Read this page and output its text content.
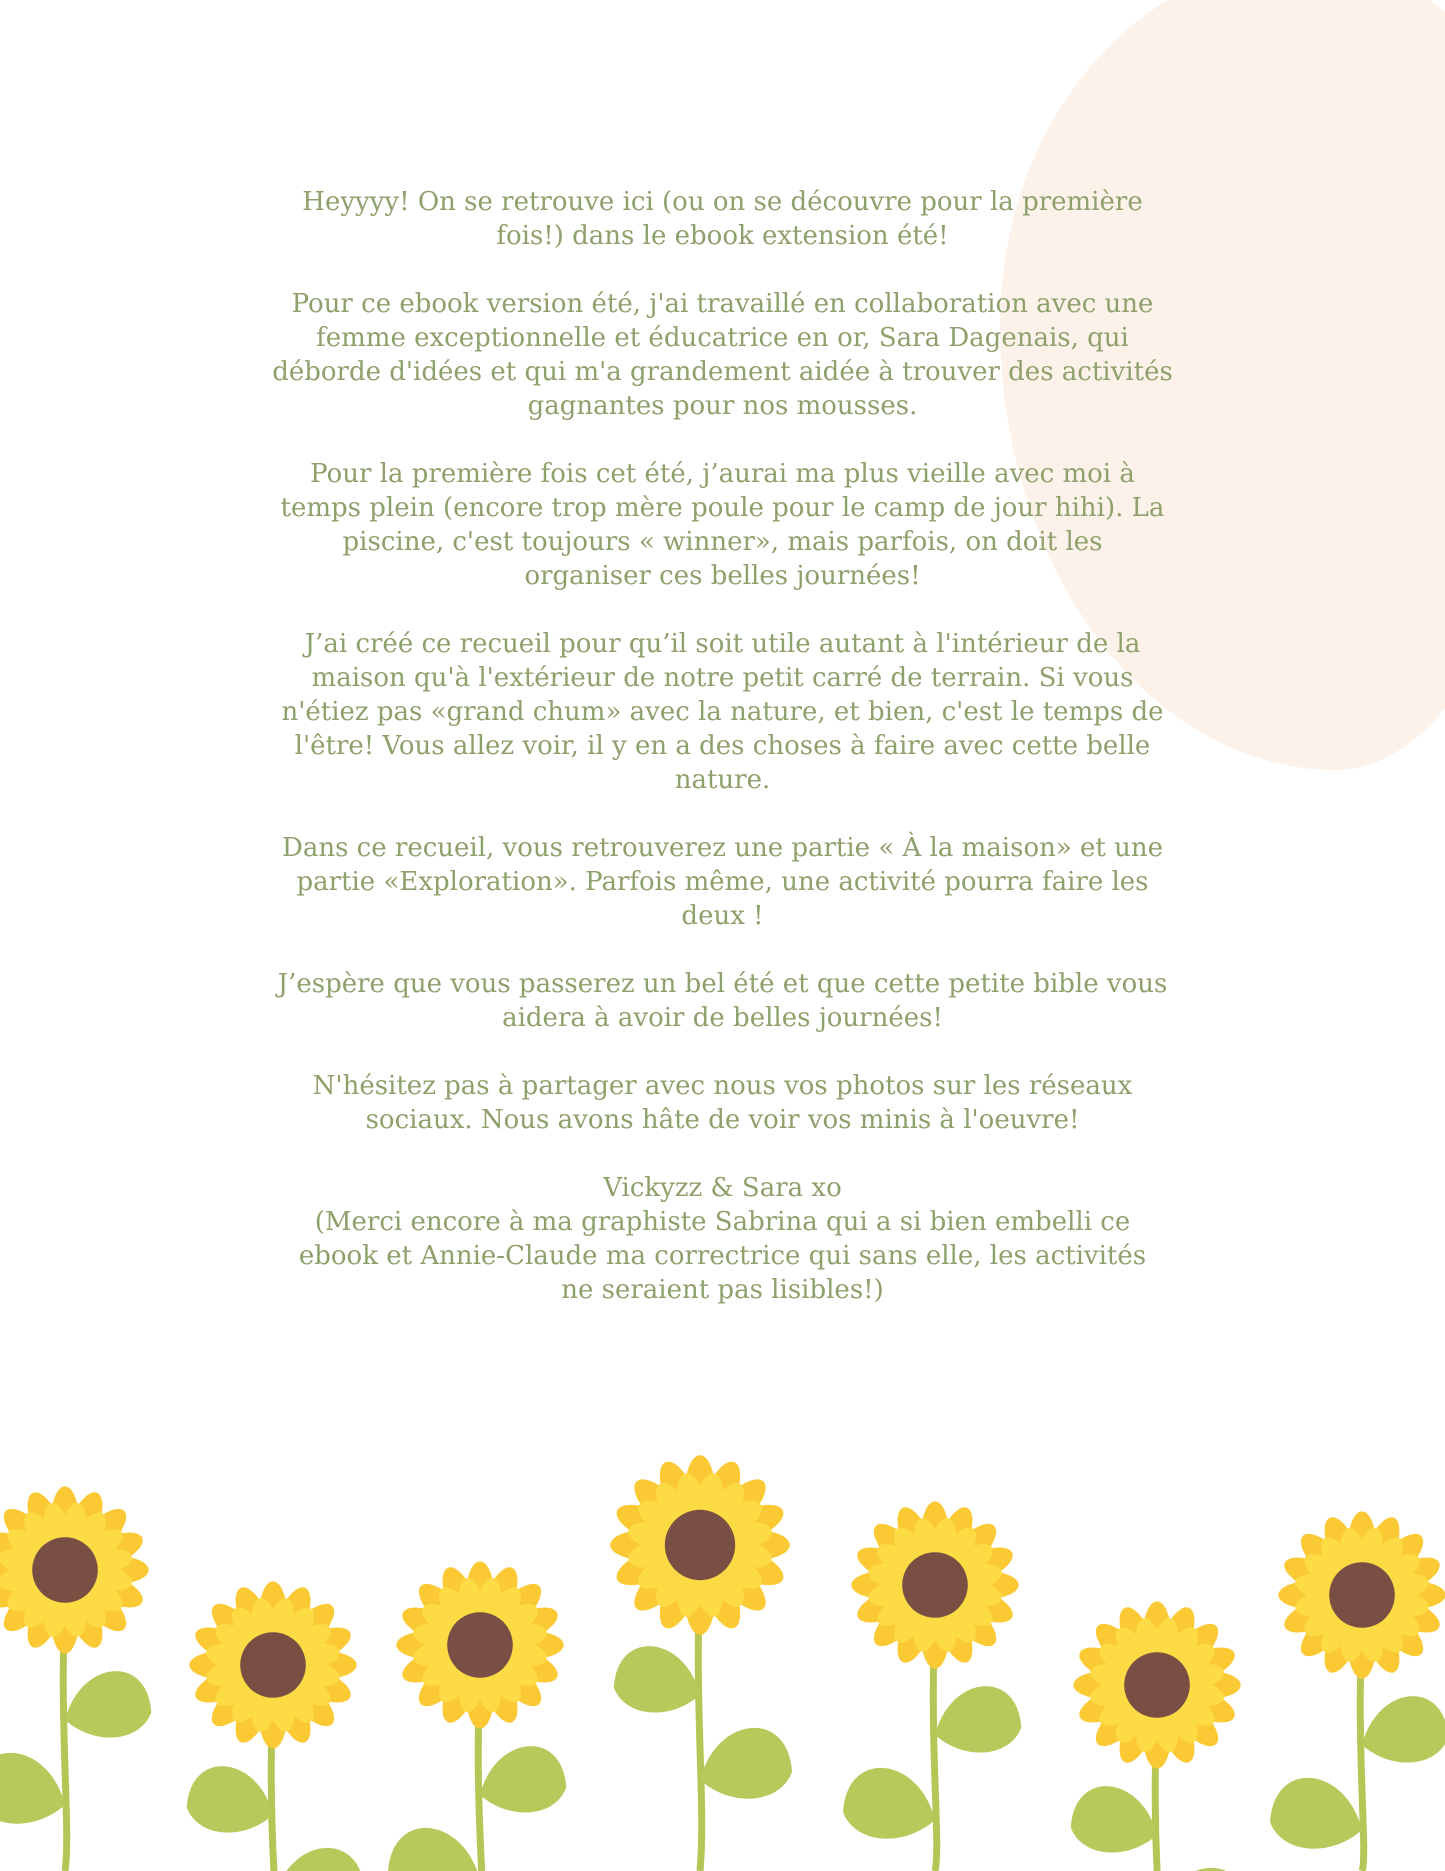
Heyyyy! On se retrouve ici (ou on se découvre pour la première
fois!) dans le ebook extension été!

Pour ce ebook version été, j'ai travaillé en collaboration avec une
femme exceptionnelle et éducatrice en or, Sara Dagenais, qui
déborde d'idées et qui m'a grandement aidée à trouver des activités
gagnantes pour nos mousses.

Pour la première fois cet été, j’aurai ma plus vieille avec moi à
temps plein (encore trop mère poule pour le camp de jour hihi). La
piscine, c'est toujours « winner», mais parfois, on doit les
organiser ces belles journées!

J’ai créé ce recueil pour qu’il soit utile autant à l'intérieur de la
maison qu'à l'extérieur de notre petit carré de terrain. Si vous
n'étiez pas «grand chum» avec la nature, et bien, c'est le temps de
l'être! Vous allez voir, il y en a des choses à faire avec cette belle
nature.

Dans ce recueil, vous retrouverez une partie « À la maison» et une
partie «Exploration». Parfois même, une activité pourra faire les
deux !

J’espère que vous passerez un bel été et que cette petite bible vous
aidera à avoir de belles journées!

N'hésitez pas à partager avec nous vos photos sur les réseaux
sociaux. Nous avons hâte de voir vos minis à l'oeuvre!

Vickyzz & Sara xo
(Merci encore à ma graphiste Sabrina qui a si bien embelli ce
ebook et Annie-Claude ma correctrice qui sans elle, les activités
ne seraient pas lisibles!)
